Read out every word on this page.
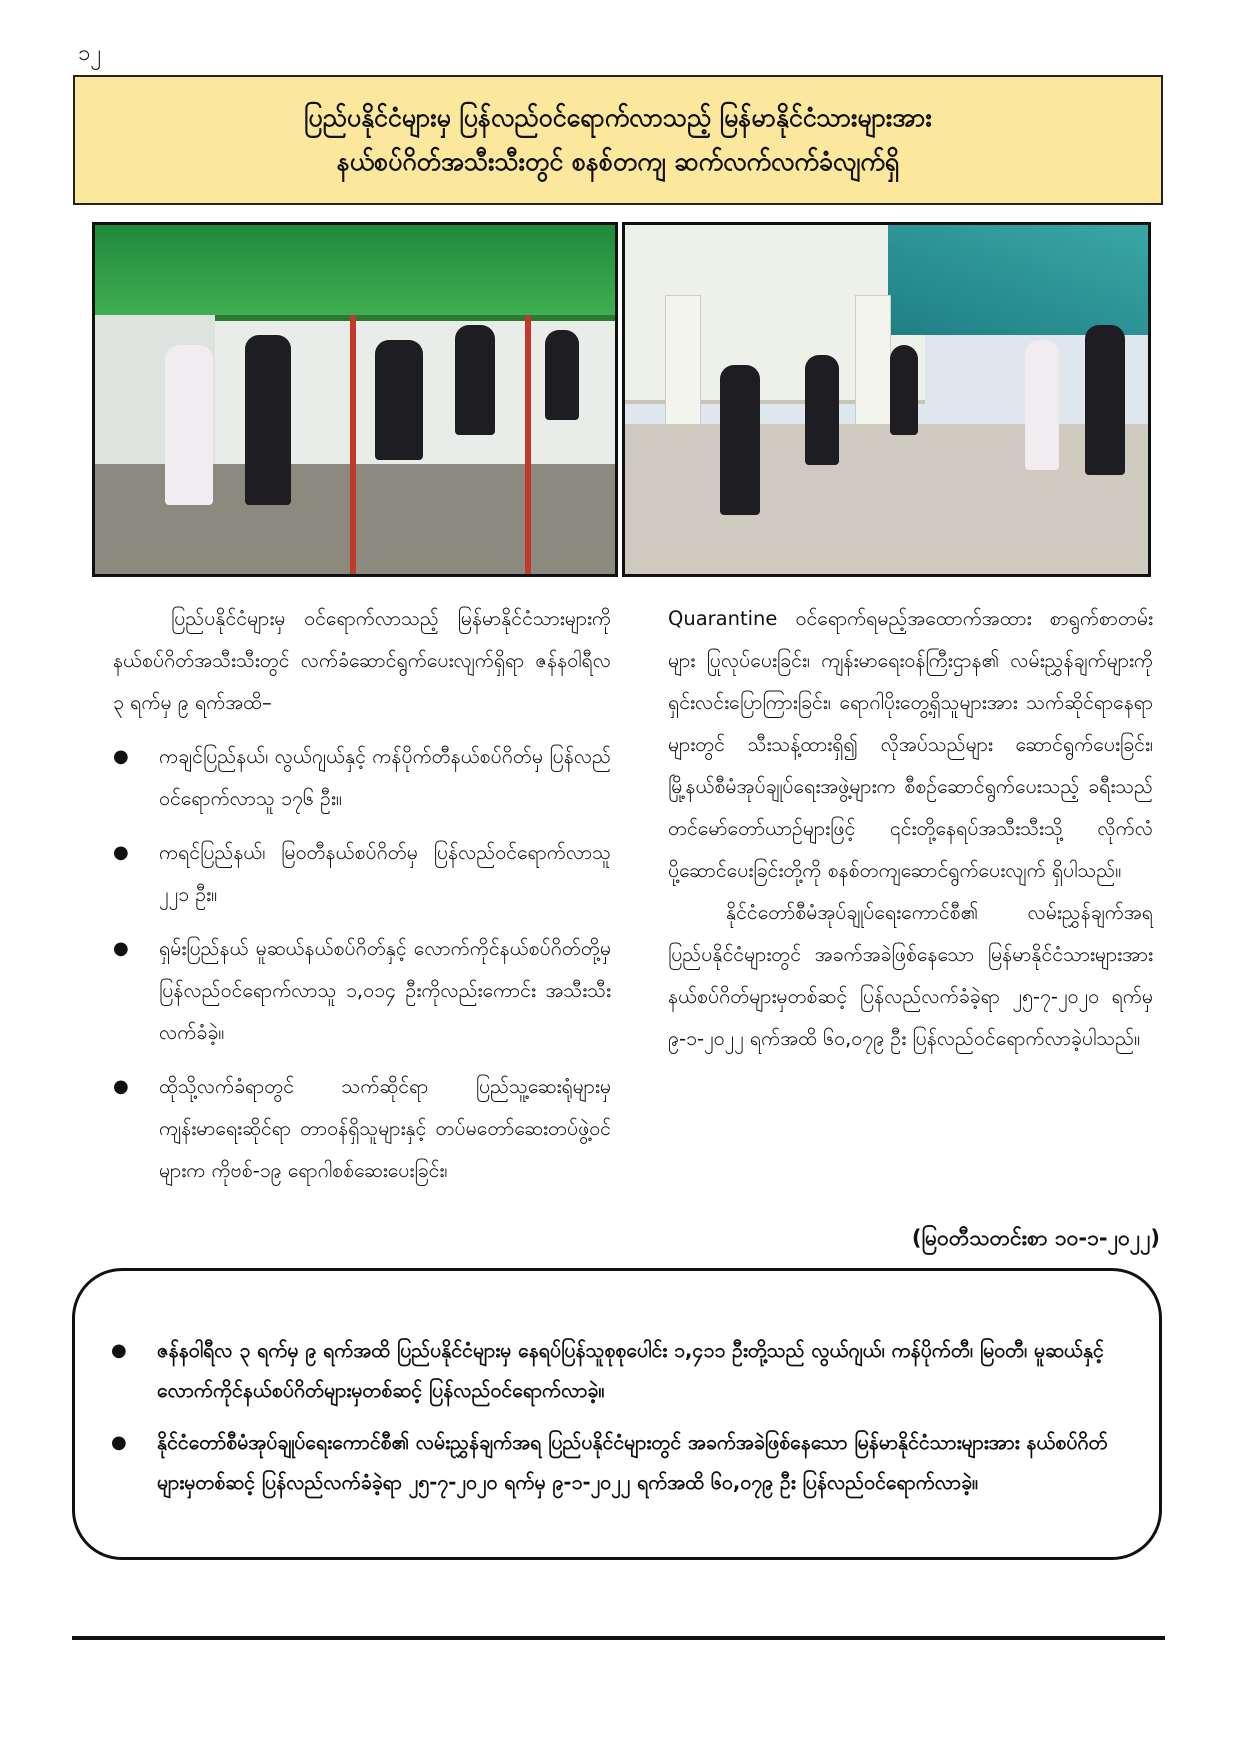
၁၂
ပြည်ပနိုင်ငံများမှ ပြန်လည်ဝင်ရောက်လာသည့် မြန်မာနိုင်ငံသားများအား
နယ်စပ်ဂိတ်အသီးသီးတွင် စနစ်တကျ ဆက်လက်လက်ခံလျက်ရှိ
ပြည်ပနိုင်ငံများမှ ဝင်ရောက်လာသည့် မြန်မာနိုင်ငံသားများကို နယ်စပ်ဂိတ်အသီးသီးတွင် လက်ခံဆောင်ရွက်ပေးလျက်ရှိရာ ဇန်နဝါရီလ ၃ ရက်မှ ၉ ရက်အထိ–
● ကချင်ပြည်နယ်၊ လွယ်ဂျယ်နှင့် ကန်ပိုက်တီနယ်စပ်ဂိတ်မှ ပြန်လည်ဝင်ရောက်လာသူ ၁၇၆ ဦး။
● ကရင်ပြည်နယ်၊ မြဝတီနယ်စပ်ဂိတ်မှ ပြန်လည်ဝင်ရောက်လာသူ ၂၂၁ ဦး။
● ရှမ်းပြည်နယ် မူဆယ်နယ်စပ်ဂိတ်နှင့် လောက်ကိုင်နယ်စပ်ဂိတ်တို့မှ ပြန်လည်ဝင်ရောက်လာသူ ၁,၀၁၄ ဦးကိုလည်းကောင်း အသီးသီးလက်ခံခဲ့။
● ထိုသို့လက်ခံရာတွင် သက်ဆိုင်ရာ ပြည်သူ့ဆေးရုံများမှ ကျန်းမာရေးဆိုင်ရာ တာဝန်ရှိသူများနှင့် တပ်မတော်ဆေးတပ်ဖွဲ့ဝင်များက ကိုဗစ်-၁၉ ရောဂါစစ်ဆေးပေးခြင်း၊
Quarantine ဝင်ရောက်ရမည့်အထောက်အထား စာရွက်စာတမ်းများ ပြုလုပ်ပေးခြင်း၊ ကျန်းမာရေးဝန်ကြီးဌာန၏ လမ်းညွှန်ချက်များကို ရှင်းလင်းပြောကြားခြင်း၊ ရောဂါပိုးတွေ့ရှိသူများအား သက်ဆိုင်ရာနေရာများတွင် သီးသန့်ထားရှိ၍ လိုအပ်သည်များ ဆောင်ရွက်ပေးခြင်း၊ မြို့နယ်စီမံအုပ်ချုပ်ရေးအဖွဲ့များက စီစဉ်ဆောင်ရွက်ပေးသည့် ခရီးသည်တင်မော်တော်ယာဉ်များဖြင့် ၎င်းတို့နေရပ်အသီးသီးသို့ လိုက်လံပို့ဆောင်ပေးခြင်းတို့ကို စနစ်တကျဆောင်ရွက်ပေးလျက် ရှိပါသည်။
နိုင်ငံတော်စီမံအုပ်ချုပ်ရေးကောင်စီ၏ လမ်းညွှန်ချက်အရ ပြည်ပနိုင်ငံများတွင် အခက်အခဲဖြစ်နေသော မြန်မာနိုင်ငံသားများအား နယ်စပ်ဂိတ်များမှတစ်ဆင့် ပြန်လည်လက်ခံခဲ့ရာ ၂၅-၇-၂၀၂၀ ရက်မှ ၉-၁-၂၀၂၂ ရက်အထိ ၆၀,၀၇၉ ဦး ပြန်လည်ဝင်ရောက်လာခဲ့ပါသည်။
(မြဝတီသတင်းစာ ၁၀-၁-၂၀၂၂)
● ဇန်နဝါရီလ ၃ ရက်မှ ၉ ရက်အထိ ပြည်ပနိုင်ငံများမှ နေရပ်ပြန်သူစုစုပေါင်း ၁,၄၁၁ ဦးတို့သည် လွယ်ဂျယ်၊ ကန်ပိုက်တီ၊ မြဝတီ၊ မူဆယ်နှင့် လောက်ကိုင်နယ်စပ်ဂိတ်များမှတစ်ဆင့် ပြန်လည်ဝင်ရောက်လာခဲ့။
● နိုင်ငံတော်စီမံအုပ်ချုပ်ရေးကောင်စီ၏ လမ်းညွှန်ချက်အရ ပြည်ပနိုင်ငံများတွင် အခက်အခဲဖြစ်နေသော မြန်မာနိုင်ငံသားများအား နယ်စပ်ဂိတ်များမှတစ်ဆင့် ပြန်လည်လက်ခံခဲ့ရာ ၂၅-၇-၂၀၂၀ ရက်မှ ၉-၁-၂၀၂၂ ရက်အထိ ၆၀,၀၇၉ ဦး ပြန်လည်ဝင်ရောက်လာခဲ့။
